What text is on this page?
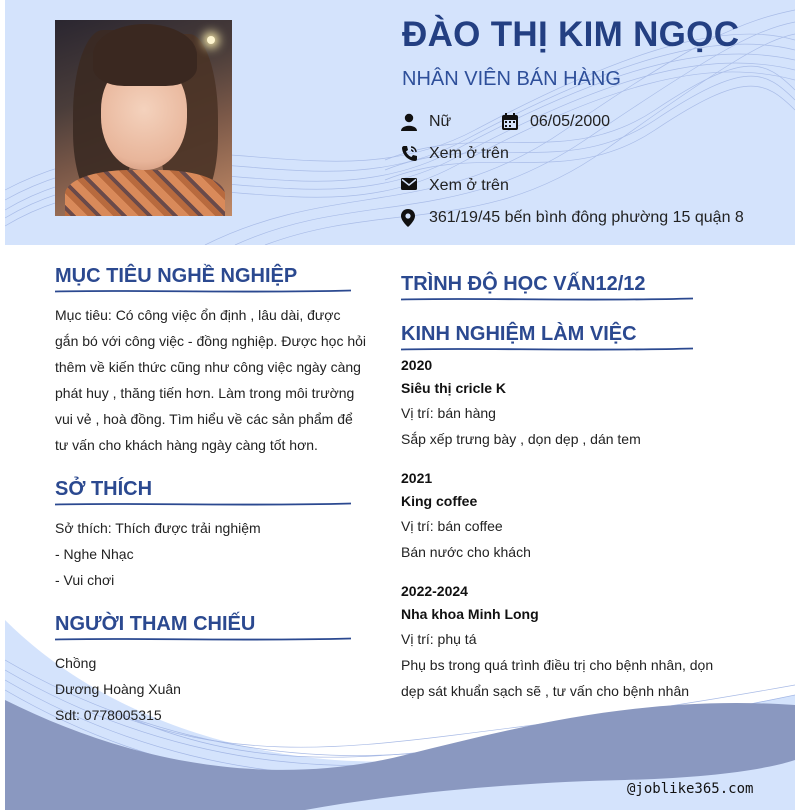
ĐÀO THỊ KIM NGỌC
NHÂN VIÊN BÁN HÀNG
Nữ	06/05/2000
Xem ở trên
Xem ở trên
361/19/45 bến bình đông phường 15 quận 8
MỤC TIÊU NGHỀ NGHIỆP
Mục tiêu: Có công việc ổn định , lâu dài, được
gắn bó với công việc - đồng nghiệp. Được học hỏi
thêm về kiến thức cũng như công việc ngày càng
phát huy , thăng tiến hơn. Làm trong môi trường
vui vẻ , hoà đồng. Tìm hiểu về các sản phẩm để
tư vấn cho khách hàng ngày càng tốt hơn.
SỞ THÍCH
Sở thích: Thích được trải nghiệm
- Nghe Nhạc
- Vui chơi
NGƯỜI THAM CHIẾU
Chồng
Dương Hoàng Xuân
Sdt: 0778005315
TRÌNH ĐỘ HỌC VẤN12/12
KINH NGHIỆM LÀM VIỆC
2020
Siêu thị cricle K
Vị trí: bán hàng
Sắp xếp trưng bày , dọn dẹp , dán tem
2021
King coffee
Vị trí: bán coffee
Bán nước cho khách
2022-2024
Nha khoa Minh Long
Vị trí: phụ tá
Phụ bs trong quá trình điều trị cho bệnh nhân, dọn
dẹp sát khuẩn sạch sẽ , tư vấn cho bệnh nhân
@joblike365.com
